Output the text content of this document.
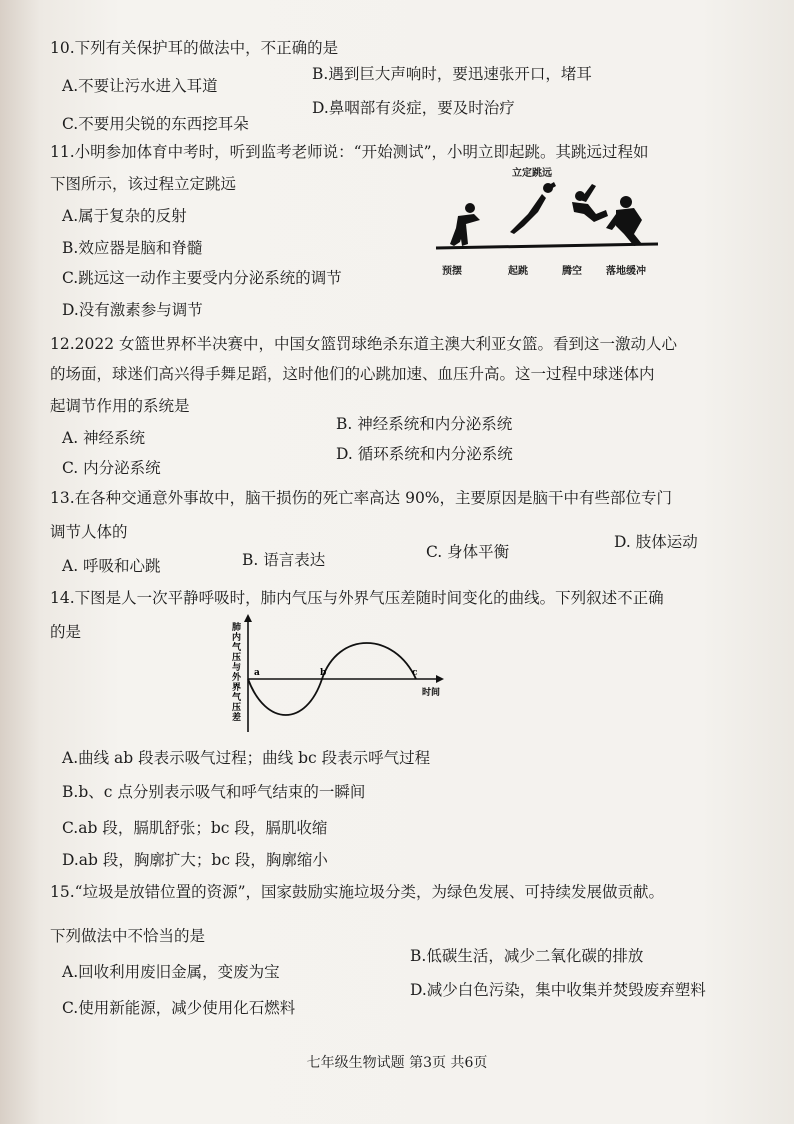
10.下列有关保护耳的做法中，不正确的是
A.不要让污水进入耳道
B.遇到巨大声响时，要迅速张开口，堵耳
C.不要用尖锐的东西挖耳朵
D.鼻咽部有炎症，要及时治疗
11.小明参加体育中考时，听到监考老师说：“开始测试”，小明立即起跳。其跳远过程如
下图所示，该过程立定跳远
A.属于复杂的反射
B.效应器是脑和脊髓
C.跳远这一动作主要受内分泌系统的调节
D.没有激素参与调节
立定跳远
预摆	起跳	腾空 落地缓冲
12.2022 女篮世界杯半决赛中，中国女篮罚球绝杀东道主澳大利亚女篮。看到这一激动人心
的场面，球迷们高兴得手舞足蹈，这时他们的心跳加速、血压升高。这一过程中球迷体内
起调节作用的系统是
A. 神经系统
B. 神经系统和内分泌系统
C. 内分泌系统
D. 循环系统和内分泌系统
13.在各种交通意外事故中，脑干损伤的死亡率高达 90%，主要原因是脑干中有些部位专门
调节人体的
A. 呼吸和心跳	B. 语言表达	C. 身体平衡
D. 肢体运动
14.下图是人一次平静呼吸时，肺内气压与外界气压差随时间变化的曲线。下列叙述不正确
的是	肺内气压与外界气压差
a	b	c
时间
A.曲线 ab 段表示吸气过程；曲线 bc 段表示呼气过程
B.b、c 点分别表示吸气和呼气结束的一瞬间
C.ab 段，膈肌舒张；bc 段，膈肌收缩
D.ab 段，胸廓扩大；bc 段，胸廓缩小
15.“垃圾是放错位置的资源”，国家鼓励实施垃圾分类，为绿色发展、可持续发展做贡献。
下列做法中不恰当的是
A.回收利用废旧金属，变废为宝
B.低碳生活，减少二氧化碳的排放
C.使用新能源，减少使用化石燃料
D.减少白色污染，集中收集并焚毁废弃塑料
七年级生物试题 第3页 共6页
